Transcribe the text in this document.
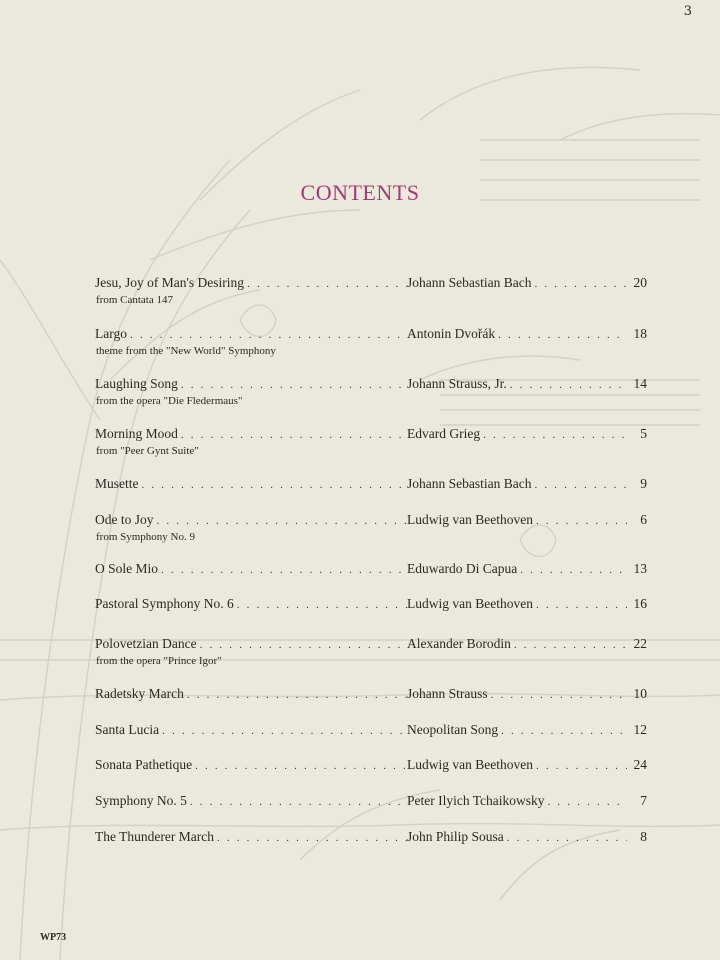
3
CONTENTS
Jesu, Joy of Man's Desiring . . .	Johann Sebastian Bach . . .	20
from Cantata 147
Largo . . .	Antonin Dvořák . . .	18
theme from the "New World" Symphony
Laughing Song . . .	Johann Strauss, Jr. . . .	14
from the opera "Die Fledermaus"
Morning Mood . . .	Edvard Grieg . . .	5
from "Peer Gynt Suite"
Musette . . .	Johann Sebastian Bach . . .	9
Ode to Joy . . .	Ludwig van Beethoven . . .	6
from Symphony No. 9
O Sole Mio . . .	Eduwardo Di Capua . . .	13
Pastoral Symphony No. 6 . . .	Ludwig van Beethoven . . .	16
Polovetzian Dance . . .	Alexander Borodin . . .	22
from the opera "Prince Igor"
Radetsky March . . .	Johann Strauss . . .	10
Santa Lucia . . .	Neopolitan Song . . .	12
Sonata Pathetique . . .	Ludwig van Beethoven . . .	24
Symphony No. 5 . . .	Peter Ilyich Tchaikowsky . . .	7
The Thunderer March . . .	John Philip Sousa . . .	8
WP73
